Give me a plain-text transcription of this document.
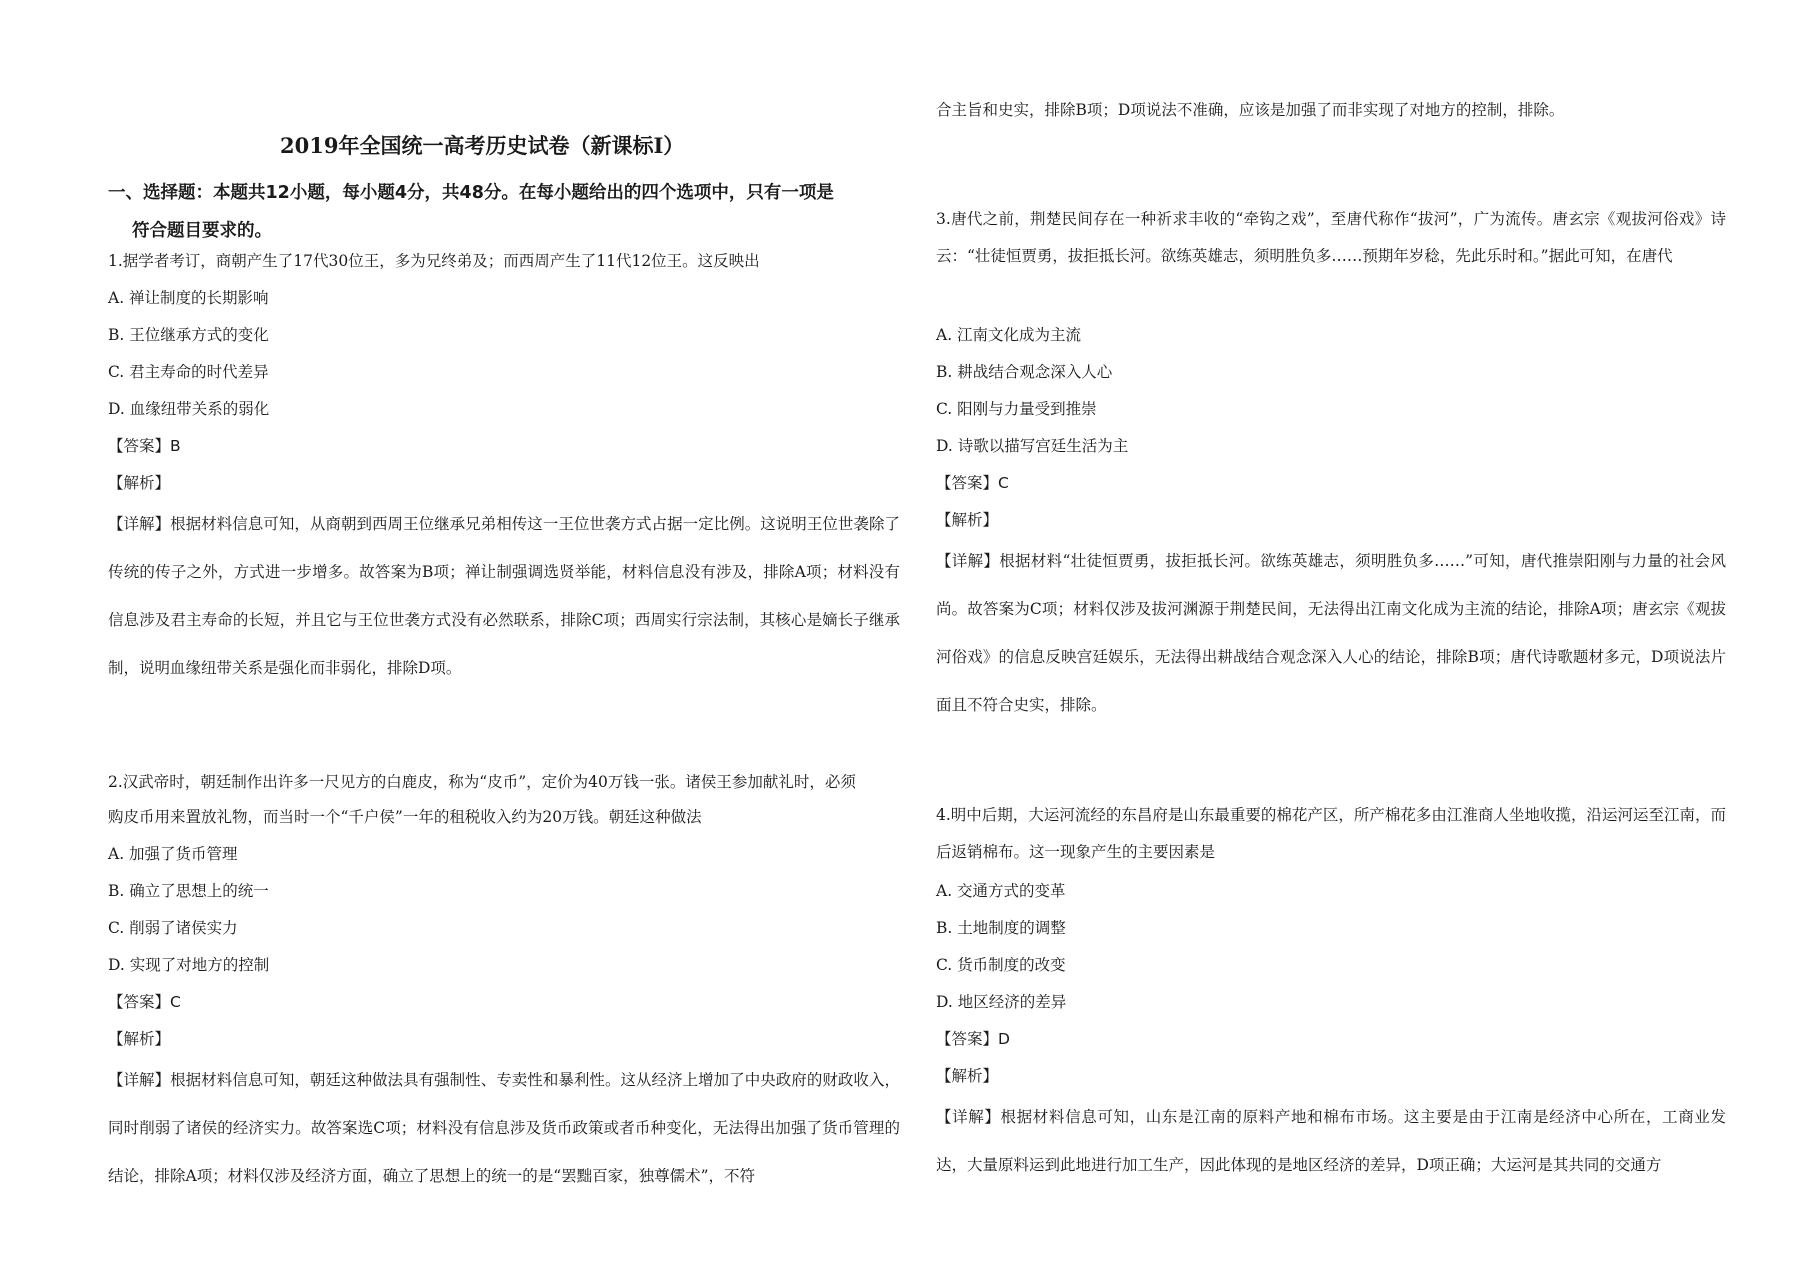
2019年全国统一高考历史试卷（新课标Ⅰ）
一、选择题：本题共12小题，每小题4分，共48分。在每小题给出的四个选项中，只有一项是
符合题目要求的。
1.据学者考订，商朝产生了17代30位王，多为兄终弟及；而西周产生了11代12位王。这反映出
A. 禅让制度的长期影响
B. 王位继承方式的变化
C. 君主寿命的时代差异
D. 血缘纽带关系的弱化
【答案】B
【解析】
【详解】根据材料信息可知，从商朝到西周王位继承兄弟相传这一王位世袭方式占据一定比例。这说明王位世袭除了传统的传子之外，方式进一步增多。故答案为B项；禅让制强调选贤举能，材料信息没有涉及，排除A项；材料没有信息涉及君主寿命的长短，并且它与王位世袭方式没有必然联系，排除C项；西周实行宗法制，其核心是嫡长子继承制，说明血缘纽带关系是强化而非弱化，排除D项。
2.汉武帝时，朝廷制作出许多一尺见方的白鹿皮，称为“皮币”，定价为40万钱一张。诸侯王参加献礼时，必须
购皮币用来置放礼物，而当时一个“千户侯”一年的租税收入约为20万钱。朝廷这种做法
A. 加强了货币管理
B. 确立了思想上的统一
C. 削弱了诸侯实力
D. 实现了对地方的控制
【答案】C
【解析】
【详解】根据材料信息可知，朝廷这种做法具有强制性、专卖性和暴利性。这从经济上增加了中央政府的财政收入，同时削弱了诸侯的经济实力。故答案选C项；材料没有信息涉及货币政策或者币种变化，无法得出加强了货币管理的结论，排除A项；材料仅涉及经济方面，确立了思想上的统一的是“罢黜百家，独尊儒术”，不符
合主旨和史实，排除B项；D项说法不准确，应该是加强了而非实现了对地方的控制，排除。
3.唐代之前，荆楚民间存在一种祈求丰收的“牵钩之戏”，至唐代称作“拔河”，广为流传。唐玄宗《观拔河俗戏》诗云：“壮徒恒贾勇，拔拒抵长河。欲练英雄志，须明胜负多……预期年岁稔，先此乐时和。”据此可知，在唐代
A. 江南文化成为主流
B. 耕战结合观念深入人心
C. 阳刚与力量受到推崇
D. 诗歌以描写宫廷生活为主
【答案】C
【解析】
【详解】根据材料“壮徒恒贾勇，拔拒抵长河。欲练英雄志，须明胜负多……”可知，唐代推崇阳刚与力量的社会风尚。故答案为C项；材料仅涉及拔河渊源于荆楚民间，无法得出江南文化成为主流的结论，排除A项；唐玄宗《观拔河俗戏》的信息反映宫廷娱乐，无法得出耕战结合观念深入人心的结论，排除B项；唐代诗歌题材多元，D项说法片面且不符合史实，排除。
4.明中后期，大运河流经的东昌府是山东最重要的棉花产区，所产棉花多由江淮商人坐地收揽，沿运河运至江南，而后返销棉布。这一现象产生的主要因素是
A. 交通方式的变革
B. 土地制度的调整
C. 货币制度的改变
D. 地区经济的差异
【答案】D
【解析】
【详解】根据材料信息可知，山东是江南的原料产地和棉布市场。这主要是由于江南是经济中心所在，工商业发达，大量原料运到此地进行加工生产，因此体现的是地区经济的差异，D项正确；大运河是其共同的交通方
